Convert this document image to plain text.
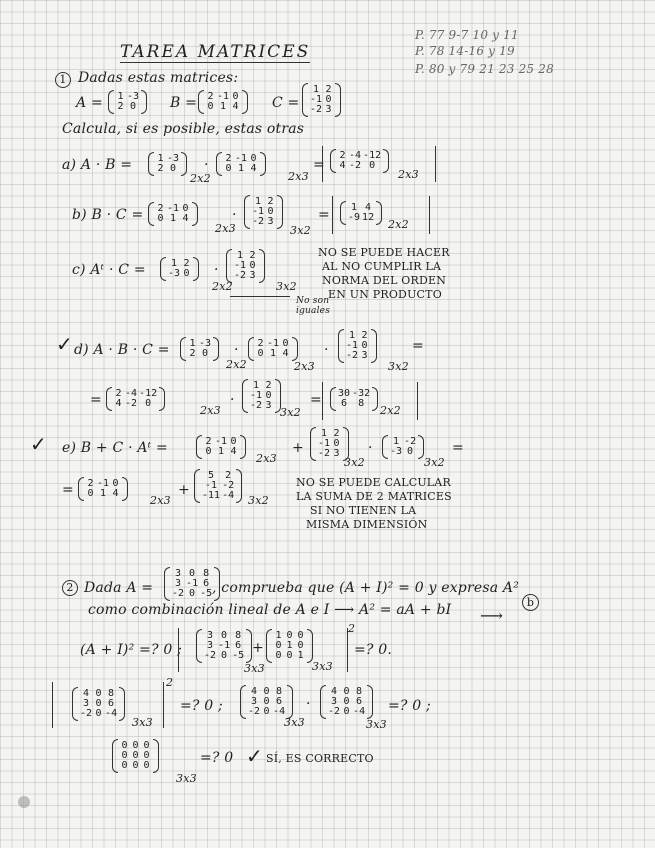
TAREA MATRICES
P. 77 9-7 10 y 11
P. 78 14-16 y 19
P. 80 y 79 21 23 25 28
1 Dadas estas matrices:
A = 1 -3
2 0 B = 2 -1 0
0 1 4 C =
1 2
-1 0
-2 3
Calcula, si es posible, estas otras
a) A · B =	1 -3
2 0
2x2
· 2 -1 0
0 1 4
2x3
=
2 -4 -12
4 -2 0
2x3
b) B · C = 2 -1 0
0 1 4
2x3
·
1 2
-1 0
-2 3
3x2
=	1 4
-9 12
2x2
c) Aᵗ · C =	1 2
-3 0
2x2
·
1 2
-1 0
-2 3
3x2
No son iguales
NO SE PUEDE HACER
AL NO CUMPLIR LA
NORMA DEL ORDEN
EN UN PRODUCTO
✓ d) A · B · C = 1 -3
2 0
2x2
· 2 -1 0
0 1 4
2x3
·
1 2
-1 0
-2 3
3x2
=
= 2 -4 -12
4 -2 0
2x3
·
1 2
-1 0
-2 3
3x2
= 30 -32
6	8
2x2
✓ e) B + C · Aᵗ =	2 -1 0
0 1 4
2x3
+
1 2
-1 0
-2 3
3x2
·	1 -2
-3 0
3x2
=
= 2 -1 0
0 1 4
2x3
+
5	2
-1 -2
-11 -4 3x2
NO SE PUEDE CALCULAR
LA SUMA DE 2 MATRICES
SI NO TIENEN LA
MISMA DIMENSIÓN
2 Dada A =
3 0 8
3 -1 6
-2 0 -5 , comprueba que (A + I)² = 0 y expresa A²
como combinación lineal de A e I ⟶ A² = aA + bI	b
⟶
(A + I)² =? 0 ;
3 0 8
3 -1 6
-2 0 -5
3x3
+
1 0 0
0 1 0
0 0 1
3x3
2
=? 0.
4 0 8
3 0 6
-2 0 -4
3x3
2
=? 0 ;
4 0 8
3 0 6
-2 0 -4
3x3
·
4 0 8
3 0 6
-2 0 -4
3x3
=? 0 ;
0 0 0
0 0 0
0 0 0
3x3
=? 0 ✓ SÍ, ES CORRECTO
